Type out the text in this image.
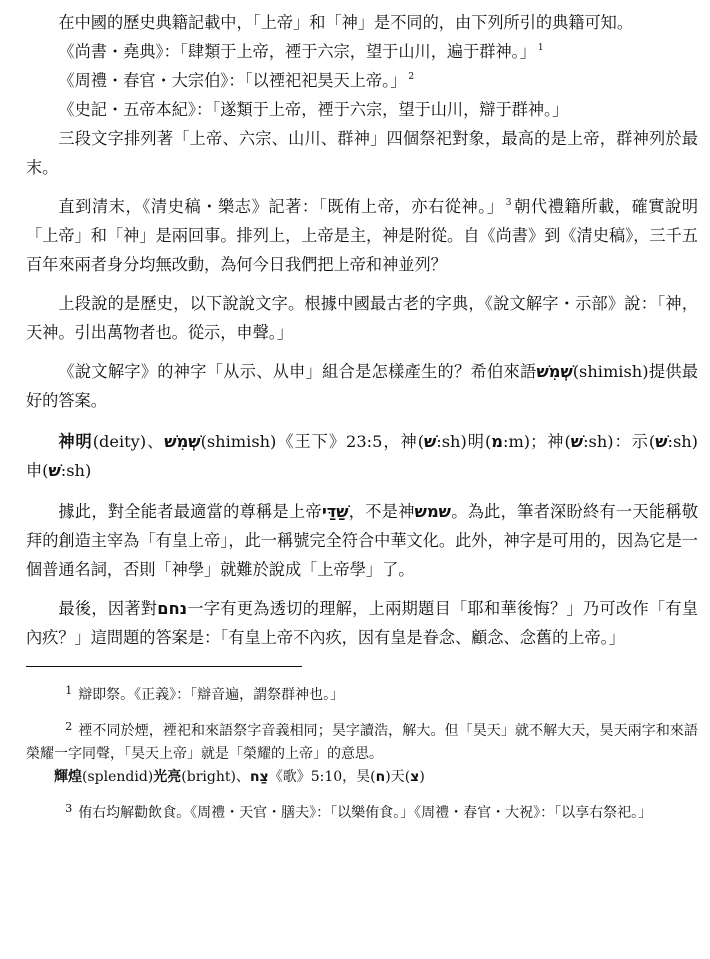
在中國的歷史典籍記載中，「上帝」和「神」是不同的，由下列所引的典籍可知。

《尚書・堯典》：「肆類于上帝，禋于六宗，望于山川，遍于群神。」 $^1$

《周禮・春官・大宗伯》：「以禋祀祀昊天上帝。」 $^2$

《史記・五帝本紀》：「遂類于上帝，禋于六宗，望于山川，辯于群神。」

三段文字排列著「上帝、六宗、山川、群神」四個祭祀對象，最高的是上帝，群神列於最末。

直到清末，《清史稿・樂志》記著：「既侑上帝，亦右從神。」 $^3$ 朝代禮籍所載，確實說明「上帝」和「神」是兩回事。排列上，上帝是主，神是附從。自《尚書》到《清史稿》，三千五百年來兩者身分均無改動，為何今日我們把上帝和神並列？

上段說的是歷史，以下說說文字。根據中國最古老的字典，《說文解字・示部》說：「神，天神。引出萬物者也。從示，申聲。」

《說文解字》的神字「从示、从申」組合是怎樣產生的？希伯來語שְׁמִשׁ(shimish)提供最好的答案。

神明(deity)、שְׁמִשׁ(shimish)《王下》23:5，神(שׁ:sh)明(מ:m)；神(שׁ:sh)：示(שׁ:sh) 申(שׁ:sh)

據此，對全能者最適當的尊稱是上帝שַׁדַּי，不是神שמש。為此，筆者深盼終有一天能稱敬拜的創造主宰為「有皇上帝」，此一稱號完全符合中華文化。此外，神字是可用的，因為它是一個普通名詞，否則「神學」就難於說成「上帝學」了。

最後，因著對נחם一字有更為透切的理解，上兩期題目「耶和華後悔？」乃可改作「有皇內疚？」這問題的答案是：「有皇上帝不內疚，因有皇是眷念、顧念、念舊的上帝。」

$^1$ 辯即祭。《正義》：「辯音遍，謂祭群神也。」

$^2$ 禋不同於煙，禋祀和來語祭字音義相同；昊字讀浩，解大。但「昊天」就不解大天，昊天兩字和來語榮耀一字同聲，「昊天上帝」就是「榮耀的上帝」的意思。

輝煌(splendid)光亮(bright)、צַח《歌》5:10，昊(ח)天(צ)

$^3$ 侑右均解勸飲食。《周禮・天官・膳夫》：「以樂侑食。」《周禮・春官・大祝》：「以享右祭祀。」
